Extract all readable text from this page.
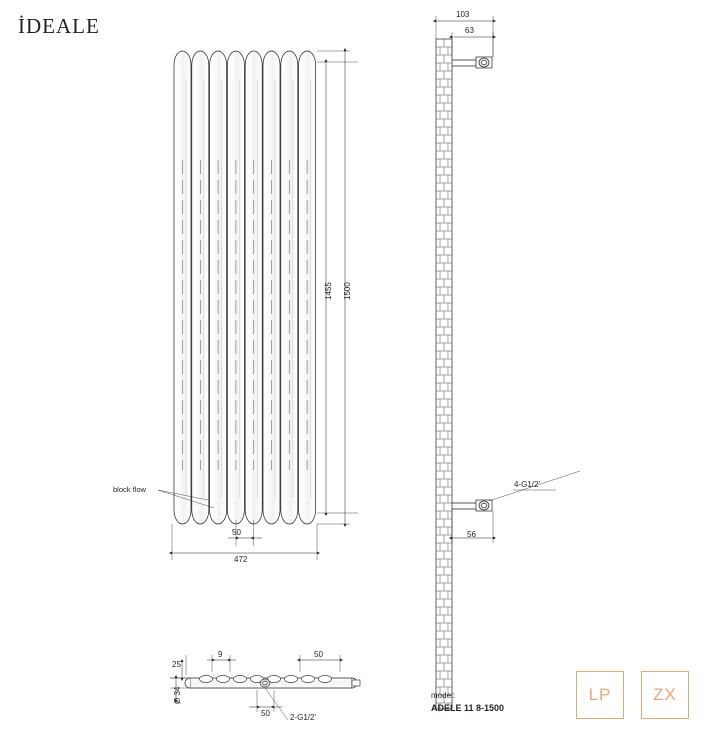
İDEALE
1455 1500
50
472
block flow
103
63
56
4-G1/2'
25
9	50
50
Ø 34
2-G1/2'
model:
ADELE 11 8-1500
LP ZX
